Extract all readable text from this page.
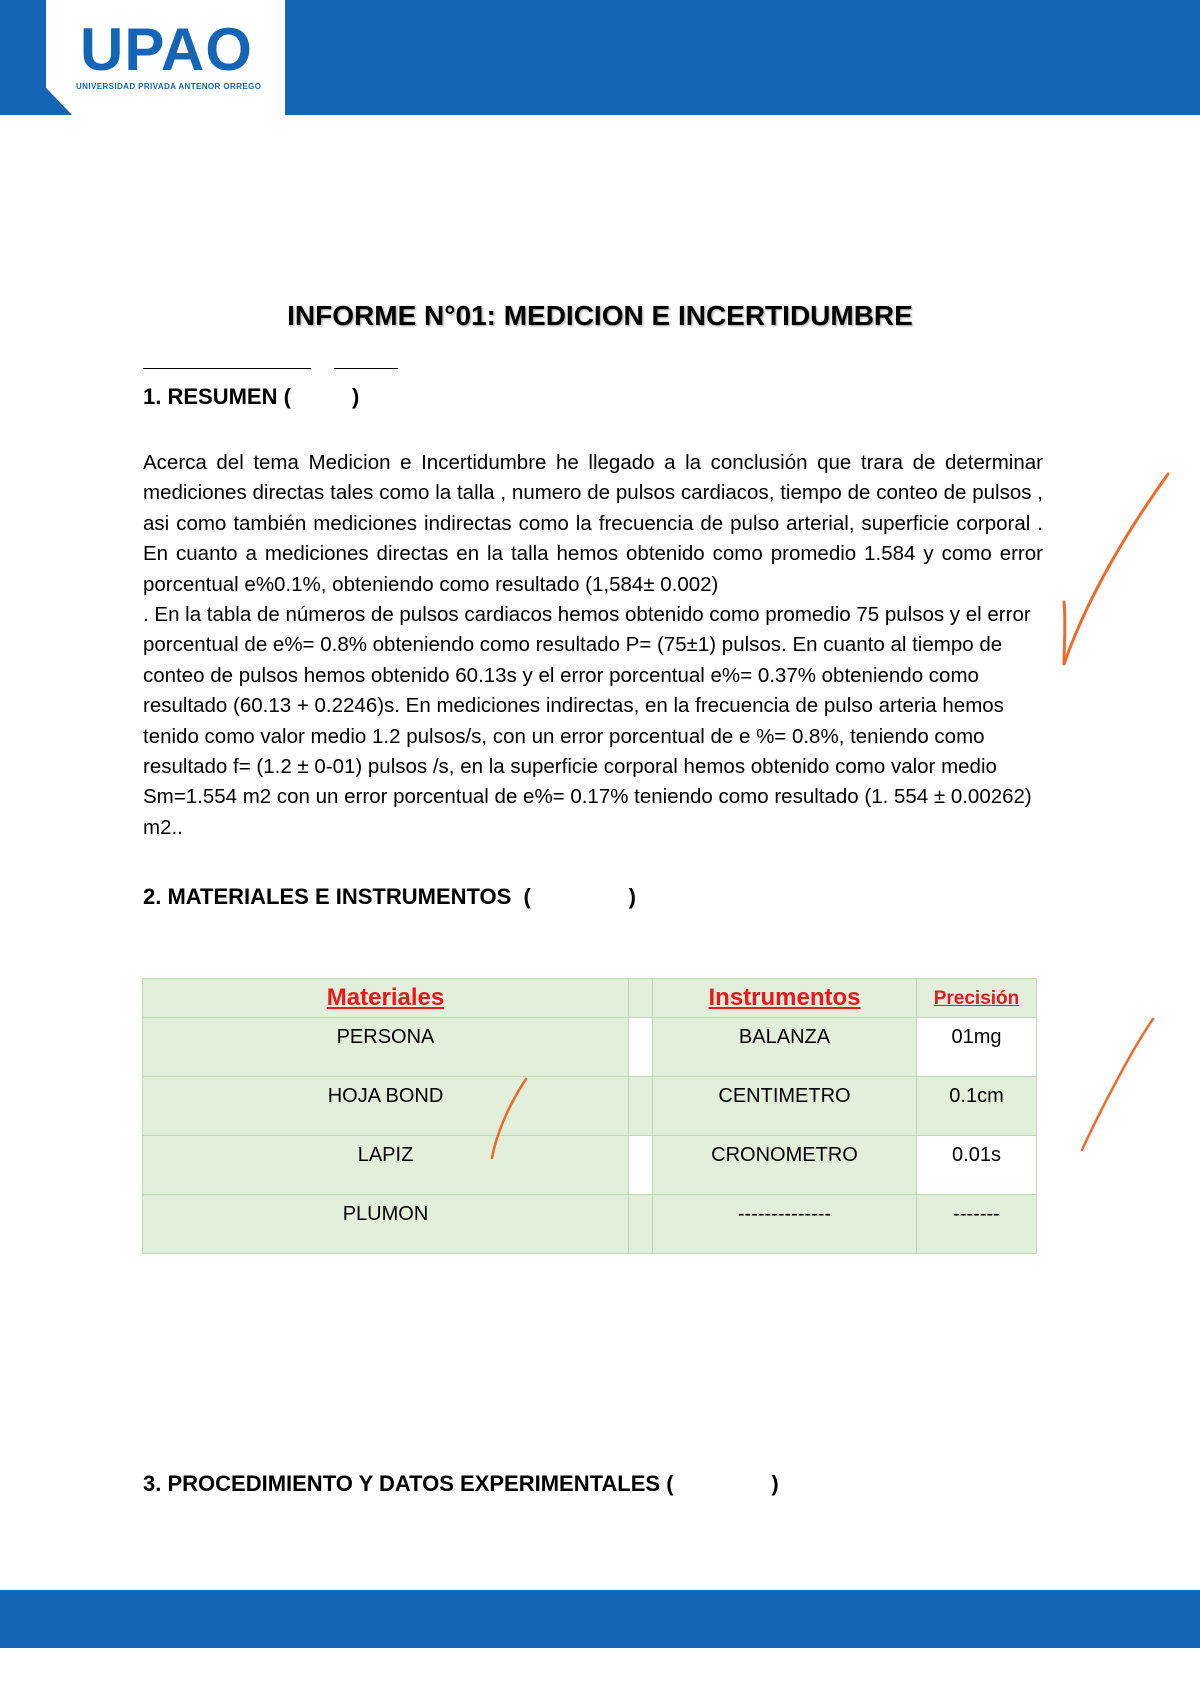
UPAO
UNIVERSIDAD PRIVADA ANTENOR ORREGO
INFORME N°01: MEDICION E INCERTIDUMBRE
1. RESUMEN (          )

Acerca del tema Medicion e Incertidumbre he llegado a la conclusión que trara de determinar mediciones directas tales como la talla , numero de pulsos cardiacos, tiempo de conteo de pulsos , asi como también mediciones indirectas como la frecuencia de pulso arterial, superficie corporal . En cuanto a mediciones directas en la talla hemos obtenido como promedio 1.584 y como error porcentual e%0.1%, obteniendo como resultado (1,584± 0.002)

. En la tabla de números de pulsos cardiacos hemos obtenido como promedio 75 pulsos y el error porcentual de e%= 0.8% obteniendo como resultado P= (75±1) pulsos. En cuanto al tiempo de conteo de pulsos hemos obtenido 60.13s y el error porcentual e%= 0.37% obteniendo como resultado (60.13 + 0.2246)s. En mediciones indirectas, en la frecuencia de pulso arteria hemos tenido como valor medio 1.2 pulsos/s, con un error porcentual de e %= 0.8%, teniendo como resultado f= (1.2 ± 0-01) pulsos /s, en la superficie corporal hemos obtenido como valor medio Sm=1.554 m2 con un error porcentual de e%= 0.17% teniendo como resultado (1. 554 ± 0.00262) m2..

2. MATERIALES E INSTRUMENTOS  (                )
Materiales		Instrumentos	Precisión
PERSONA		BALANZA	01mg
HOJA BOND		CENTIMETRO	0.1cm
LAPIZ		CRONOMETRO	0.01s
PLUMON		--------------	-------
3. PROCEDIMIENTO Y DATOS EXPERIMENTALES (                )
